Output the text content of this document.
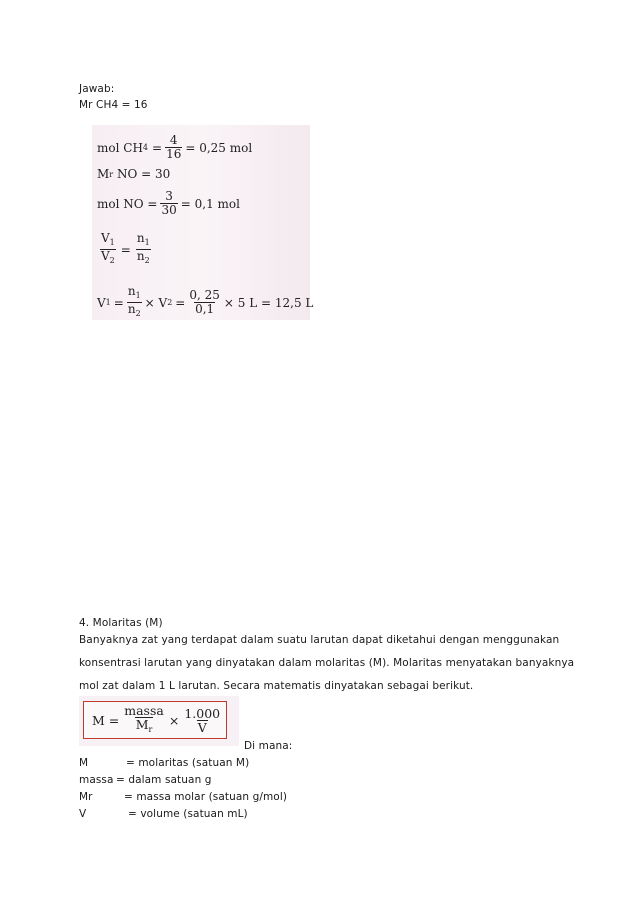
Jawab:
Mr CH4 = 16
mol CH $4 = \frac{4}{16} = 0,25$ mol
M r NO = 30
mol NO = $\frac{3}{30} = 0,1$ mol
$\frac{V_1}{V_2} = \frac{n_1}{n_2}$
V $1 = \frac{n_1}{n_2} \times V$ $2 = \frac{0, 25}{0,1} \times 5$ L = 12,5 L
4. Molaritas (M)
Banyaknya zat yang terdapat dalam suatu larutan dapat diketahui dengan menggunakan konsentrasi larutan yang dinyatakan dalam molaritas (M). Molaritas menyatakan banyaknya mol zat dalam 1 L larutan. Secara matematis dinyatakan sebagai berikut.
$M = \frac{\text{massa}}{M_r} \times \frac{1.000}{V}$
Di mana:
M	= molaritas (satuan M)
massa = dalam satuan g
Mr	= massa molar (satuan g/mol)
V	= volume (satuan mL)
